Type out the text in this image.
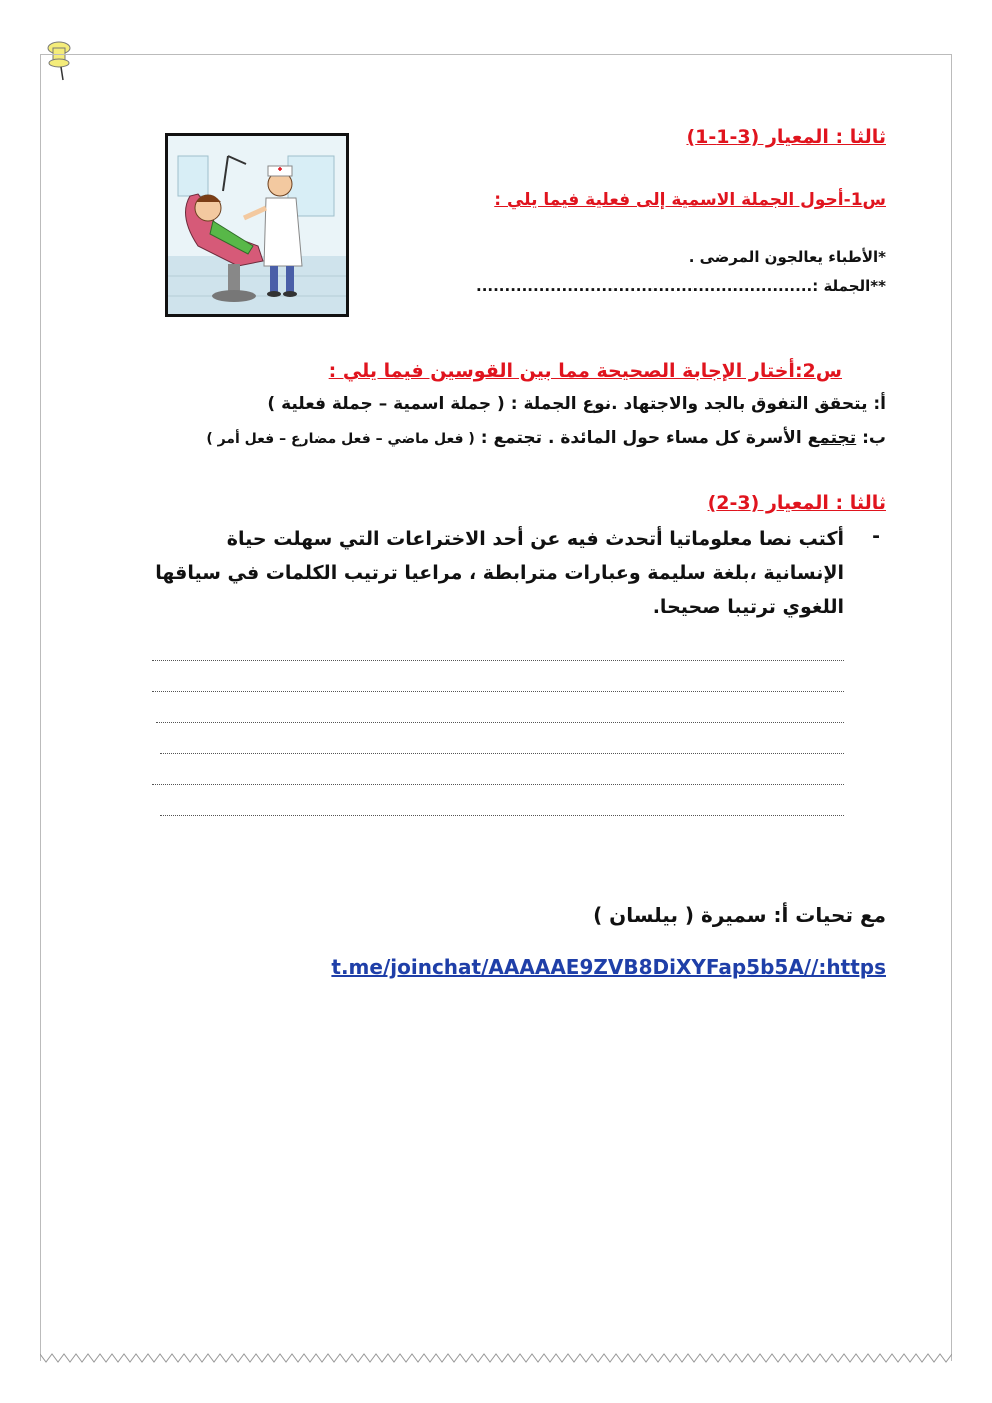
ثالثا : المعيار (3-1-1)
س1-أحول الجملة الاسمية إلى فعلية فيما يلي :
*الأطباء يعالجون المرضى .
**الجملة :...........................................................
س2:أختار الإجابة الصحيحة مما بين القوسين فيما يلي :
أ: يتحقق التفوق بالجد والاجتهاد .نوع الجملة : ( جملة اسمية – جملة فعلية )
ب: تجتمع الأسرة كل مساء حول المائدة . تجتمع : ( فعل ماضي – فعل مضارع – فعل أمر )
ثالثا : المعيار (3-2)
-
أكتب نصا معلوماتيا أتحدث فيه عن أحد الاختراعات التي سهلت حياة الإنسانية ،بلغة سليمة وعبارات مترابطة ، مراعيا ترتيب الكلمات في سياقها اللغوي ترتيبا صحيحا.
مع تحيات أ: سميرة ( بيلسان )
t.me/joinchat/AAAAAE9ZVB8DiXYFap5b5A//:https
